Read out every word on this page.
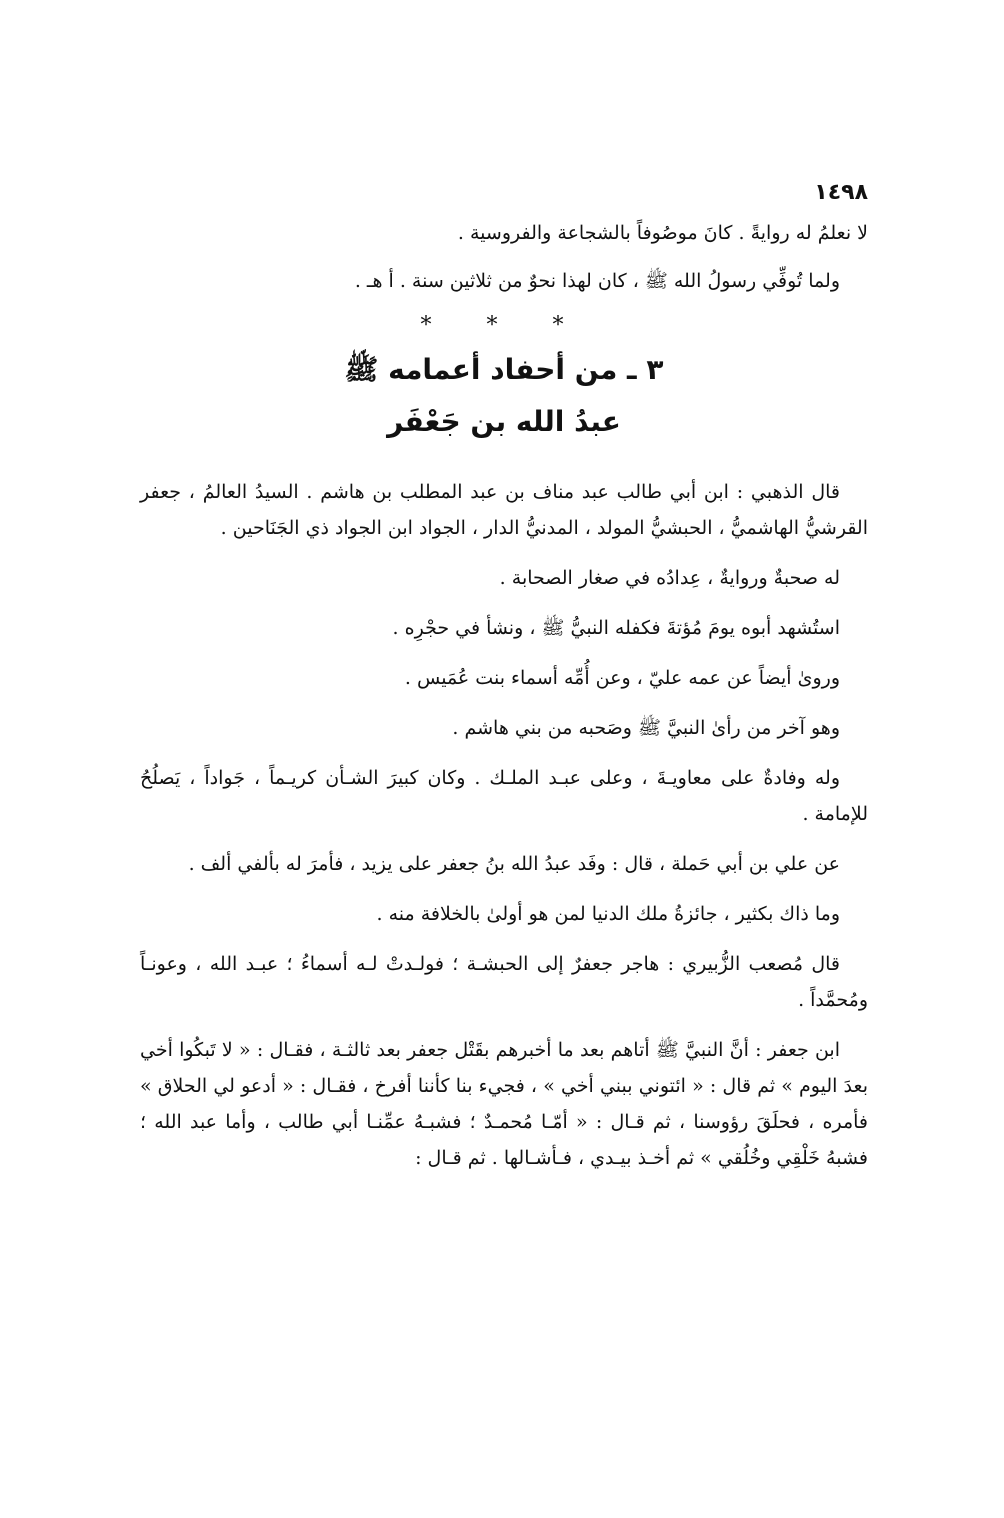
١٤٩٨

لا نعلمُ له روايةً . كانَ موصُوفاً بالشجاعة والفروسية .

ولما تُوفِّي رسولُ الله ﷺ ، كان لهذا نحوٌ من ثلاثين سنة . أ هـ .

* * *
٣ ـ من أحفاد أعمامه ﷺ
عبدُ الله بن جَعْفَر

قال الذهبي : ابن أبي طالب عبد مناف بن عبد المطلب بن هاشم . السيدُ العالمُ ، جعفر القرشيُّ الهاشميُّ ، الحبشيُّ المولد ، المدنيُّ الدار ، الجواد ابن الجواد ذي الجَنَاحين .

له صحبةٌ وروايةٌ ، عِدادُه في صغار الصحابة .

استُشهد أبوه يومَ مُؤتةَ فكفله النبيُّ ﷺ ، ونشأ في حجْرِه .

وروىٰ أيضاً عن عمه عليّ ، وعن أُمِّه أسماء بنت عُمَيس .

وهو آخر من رأىٰ النبيَّ ﷺ وصَحبه من بني هاشم .

وله وفادةٌ على معاويـةَ ، وعلى عبـد الملـك . وكان كبيرَ الشـأن كريـماً ، جَواداً ، يَصلُحُ للإمامة .

عن علي بن أبي حَملة ، قال : وفَد عبدُ الله بنُ جعفر على يزيد ، فأمرَ له بألفي ألف .

وما ذاك بكثير ، جائزةُ ملك الدنيا لمن هو أولىٰ بالخلافة منه .

قال مُصعب الزُّبيري : هاجر جعفرٌ إلى الحبشـة ؛ فولـدتْ لـه أسماءُ ؛ عبـد الله ، وعونـاً ومُحمَّداً .

ابن جعفر : أنَّ النبيَّ ﷺ أتاهم بعد ما أخبرهم بقَتْل جعفر بعد ثالثـة ، فقـال : « لا تَبكُوا أخي بعدَ اليوم » ثم قال : « ائتوني ببني أخي » ، فجيء بنا كأننا أفرخ ، فقـال : « أدعو لي الحلاق » فأمره ، فحلَقَ رؤوسنا ، ثم قـال : « أمّـا مُحمـدٌ ؛ فشبـهُ عمِّنـا أبي طالب ، وأما عبد الله ؛ فشبهُ خَلْقِي وخُلُقي » ثم أخـذ بيـدي ، فـأشـالها . ثم قـال :
